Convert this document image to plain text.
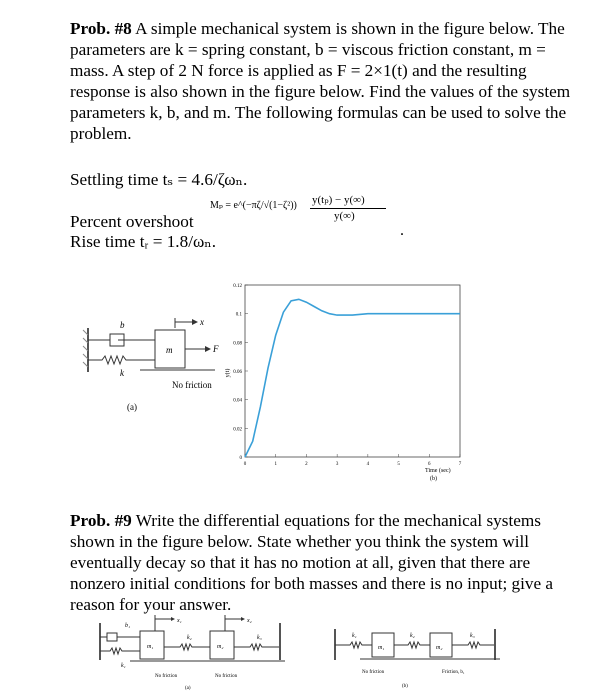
Prob. #8 A simple mechanical system is shown in the figure below. The parameters are k = spring constant, b = viscous friction constant, m = mass. A step of 2 N force is applied as F = 2×1(t) and the resulting response is also shown in the figure below. Find the values of the system parameters k, b, and m. The following formulas can be used to solve the problem.

Settling time tₛ = 4.6/ζωₙ.
Percent overshoot
Mₚ = e^(−πζ/√(1−ζ²)) y(tₚ) − y(∞)
y(∞)
.
Rise time tᵣ = 1.8/ωₙ.
b
k
m
x
F
No friction
(a)
0
0.02
0.04
0.06
0.08
0.1
0.12
0	1	2	3	4	5	6	7
y(t)
Time (sec)
(b)

Prob. #9 Write the differential equations for the mechanical systems shown in the figure below. State whether you think the system will eventually decay so that it has no motion at all, given that there are nonzero initial conditions for both masses and there is no input; give a reason for your answer.

b₁
k₁
m₁
x₁
k₂
m₂
x₂
k₃
No friction	No friction
(a)
k₁
m₁
k₂
m₂
k₃
No friction	Friction, b₁
(b)
